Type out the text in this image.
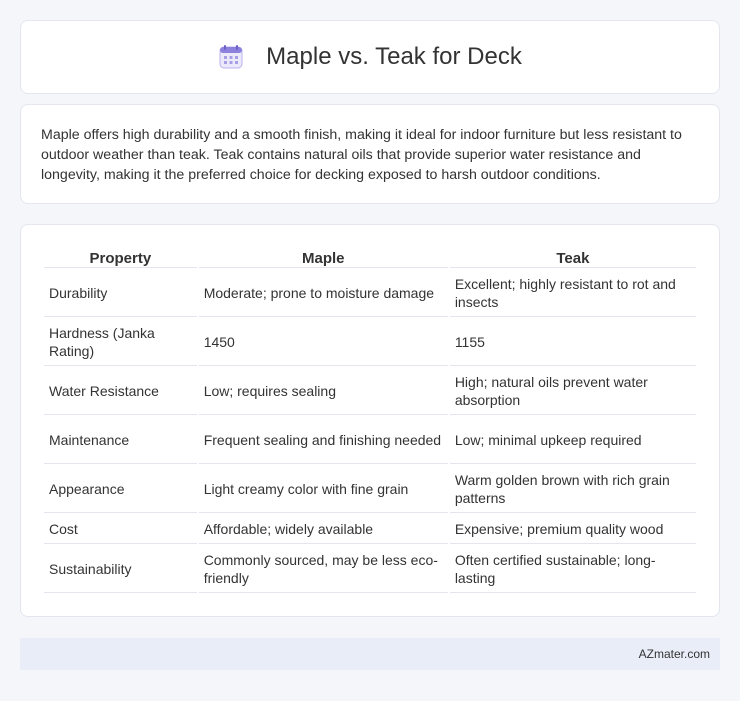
Maple vs. Teak for Deck

Maple offers high durability and a smooth finish, making it ideal for indoor furniture but less resistant to outdoor weather than teak. Teak contains natural oils that provide superior water resistance and longevity, making it the preferred choice for decking exposed to harsh outdoor conditions.

Property	Maple	Teak
Durability	Moderate; prone to moisture damage	Excellent; highly resistant to rot and insects
Hardness (Janka Rating)	1450	1155
Water Resistance	Low; requires sealing	High; natural oils prevent water absorption
Maintenance	Frequent sealing and finishing needed	Low; minimal upkeep required
Appearance	Light creamy color with fine grain	Warm golden brown with rich grain patterns
Cost	Affordable; widely available	Expensive; premium quality wood
Sustainability	Commonly sourced, may be less eco-friendly	Often certified sustainable; long-lasting
AZmater.com
